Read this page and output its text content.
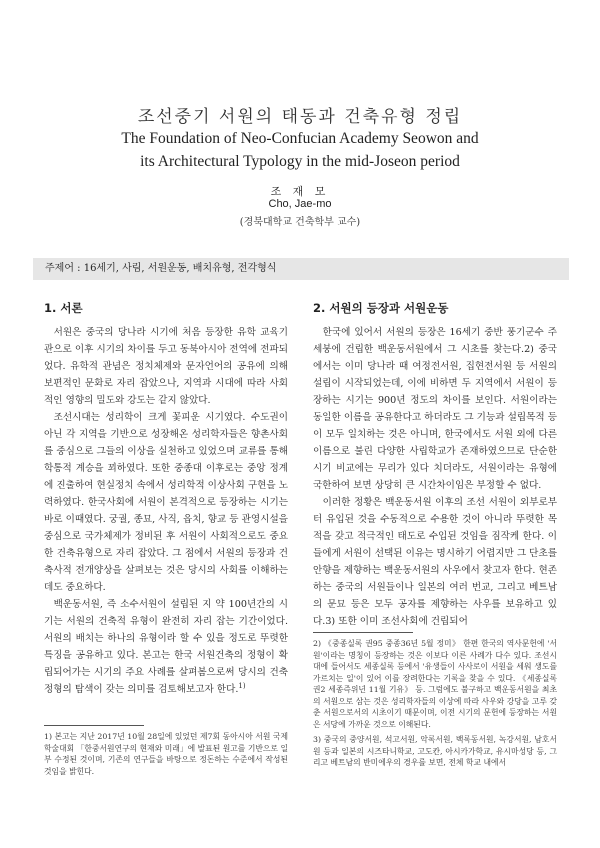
조선중기 서원의 태동과 건축유형 정립
The Foundation of Neo-Confucian Academy Seowon and
its Architectural Typology in the mid-Joseon period
조 재 모
Cho, Jae-mo
(경북대학교 건축학부 교수)
주제어 : 16세기, 사림, 서원운동, 배치유형, 전각형식
1. 서론	2. 서원의 등장과 서원운동

서원은 중국의 당나라 시기에 처음 등장한 유학 교육기관으로 이후 시기의 차이를 두고 동북아시아 전역에 전파되었다. 유학적 관념은 정치체제와 문자언어의 공유에 의해 보편적인 문화로 자리 잡았으나, 지역과 시대에 따라 사회적인 영향의 밀도와 강도는 같지 않았다.

조선시대는 성리학이 크게 꽃피운 시기였다. 수도권이 아닌 각 지역을 기반으로 성장해온 성리학자들은 향촌사회를 중심으로 그들의 이상을 실천하고 있었으며 교류를 통해 학통적 계승을 꾀하였다. 또한 중종대 이후로는 중앙 정계에 진출하여 현실정치 속에서 성리학적 이상사회 구현을 노력하였다. 한국사회에 서원이 본격적으로 등장하는 시기는 바로 이때였다. 궁궐, 종묘, 사직, 읍치, 향교 등 관영시설을 중심으로 국가체제가 정비된 후 서원이 사회적으로도 중요한 건축유형으로 자리 잡았다. 그 점에서 서원의 등장과 건축사적 전개양상을 살펴보는 것은 당시의 사회를 이해하는데도 중요하다.

백운동서원, 즉 소수서원이 설립된 지 약 100년간의 시기는 서원의 건축적 유형이 완전히 자리 잡는 기간이었다. 서원의 배치는 하나의 유형이라 할 수 있을 정도로 뚜렷한 특징을 공유하고 있다. 본고는 한국 서원건축의 정형이 확립되어가는 시기의 주요 사례를 살펴봄으로써 당시의 건축정형의 탐색이 갖는 의미를 검토해보고자 한다.$^{1)}$

한국에 있어서 서원의 등장은 16세기 중반 풍기군수 주세붕에 건립한 백운동서원에서 그 시초를 찾는다.2) 중국에서는 이미 당나라 때 여정전서원, 집현전서원 등 서원의 설립이 시작되었는데, 이에 비하면 두 지역에서 서원이 등장하는 시기는 900년 정도의 차이를 보인다. 서원이라는 동일한 이름을 공유한다고 하더라도 그 기능과 설립목적 등이 모두 일치하는 것은 아니며, 한국에서도 서원 외에 다른 이름으로 불린 다양한 사립학교가 존재하였으므로 단순한 시기 비교에는 무리가 있다 치더라도, 서원이라는 유형에 국한하여 보면 상당히 큰 시간차이임은 부정할 수 없다.

이러한 정황은 백운동서원 이후의 조선 서원이 외부로부터 유입된 것을 수동적으로 수용한 것이 아니라 뚜렷한 목적을 갖고 적극적인 태도로 수입된 것임을 짐작케 한다. 이들에게 서원이 선택된 이유는 명시하기 어렵지만 그 단초를 안향을 제향하는 백운동서원의 사우에서 찾고자 한다. 현존하는 중국의 서원들이나 일본의 여러 번교, 그리고 베트남의 문묘 등은 모두 공자를 제향하는 사우를 보유하고 있다.3) 또한 이미 조선사회에 건립되어

1) 본고는 지난 2017년 10월 28일에 있었던 제7회 동아시아 서원 국제학술대회 「한중서원연구의 현재와 미래」에 발표된 원고를 기반으로 일부 수정된 것이며, 기존의 연구들을 바탕으로 정돈하는 수준에서 작성된 것임을 밝힌다.

2) 《중종실록 권95 중종36년 5월 정미》 한편 한국의 역사문헌에 '서원'이라는 명칭이 등장하는 것은 이보다 이른 사례가 다수 있다. 조선시대에 들어서도 세종실록 등에서 '유생들이 사사로이 서원을 세워 생도를 가르치는 일'이 있어 이를 장려한다는 기록을 찾을 수 있다. 《세종실록 권2 세종즉위년 11월 기유》 등. 그럼에도 불구하고 백운동서원을 최초의 서원으로 삼는 것은 성리학자들의 이상에 따라 사우와 강당을 고루 갖춘 서원으로서의 시초이기 때문이며, 이전 시기의 문헌에 등장하는 서원은 서당에 가까운 것으로 이해된다.

3) 중국의 중양서원, 석고서원, 악록서원, 백록동서원, 녹강서원, 남호서원 등과 일본의 시즈타니학교, 고도칸, 아시카가학교, 유시마성당 등, 그리고 베트남의 반미에우의 경우를 보면, 전체 학교 내에서
